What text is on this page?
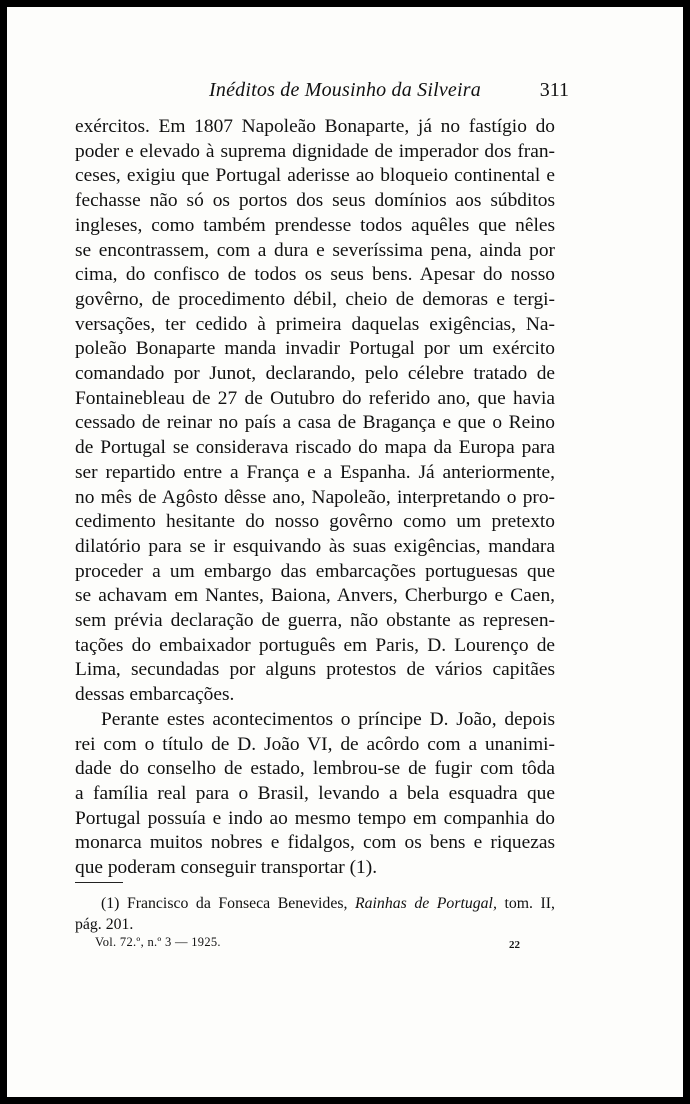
Inéditos de Mousinho da Silveira	311
exércitos. Em 1807 Napoleão Bonaparte, já no fastígio do
poder e elevado à suprema dignidade de imperador dos fran-
ceses, exigiu que Portugal aderisse ao bloqueio continental e
fechasse não só os portos dos seus domínios aos súbditos
ingleses, como também prendesse todos aquêles que nêles
se encontrassem, com a dura e severíssima pena, ainda por
cima, do confisco de todos os seus bens. Apesar do nosso
govêrno, de procedimento débil, cheio de demoras e tergi-
versações, ter cedido à primeira daquelas exigências, Na-
poleão Bonaparte manda invadir Portugal por um exército
comandado por Junot, declarando, pelo célebre tratado de
Fontainebleau de 27 de Outubro do referido ano, que havia
cessado de reinar no país a casa de Bragança e que o Reino
de Portugal se considerava riscado do mapa da Europa para
ser repartido entre a França e a Espanha. Já anteriormente,
no mês de Agôsto dêsse ano, Napoleão, interpretando o pro-
cedimento hesitante do nosso govêrno como um pretexto
dilatório para se ir esquivando às suas exigências, mandara
proceder a um embargo das embarcações portuguesas que
se achavam em Nantes, Baiona, Anvers, Cherburgo e Caen,
sem prévia declaração de guerra, não obstante as represen-
tações do embaixador português em Paris, D. Lourenço de
Lima, secundadas por alguns protestos de vários capitães
dessas embarcações.
Perante estes acontecimentos o príncipe D. João, depois
rei com o título de D. João VI, de acôrdo com a unanimi-
dade do conselho de estado, lembrou-se de fugir com tôda
a família real para o Brasil, levando a bela esquadra que
Portugal possuía e indo ao mesmo tempo em companhia do
monarca muitos nobres e fidalgos, com os bens e riquezas
que poderam conseguir transportar (1).
(1) Francisco da Fonseca Benevides, Rainhas de Portugal, tom. II,
pág. 201.
Vol. 72.º, n.º 3 — 1925.	22
